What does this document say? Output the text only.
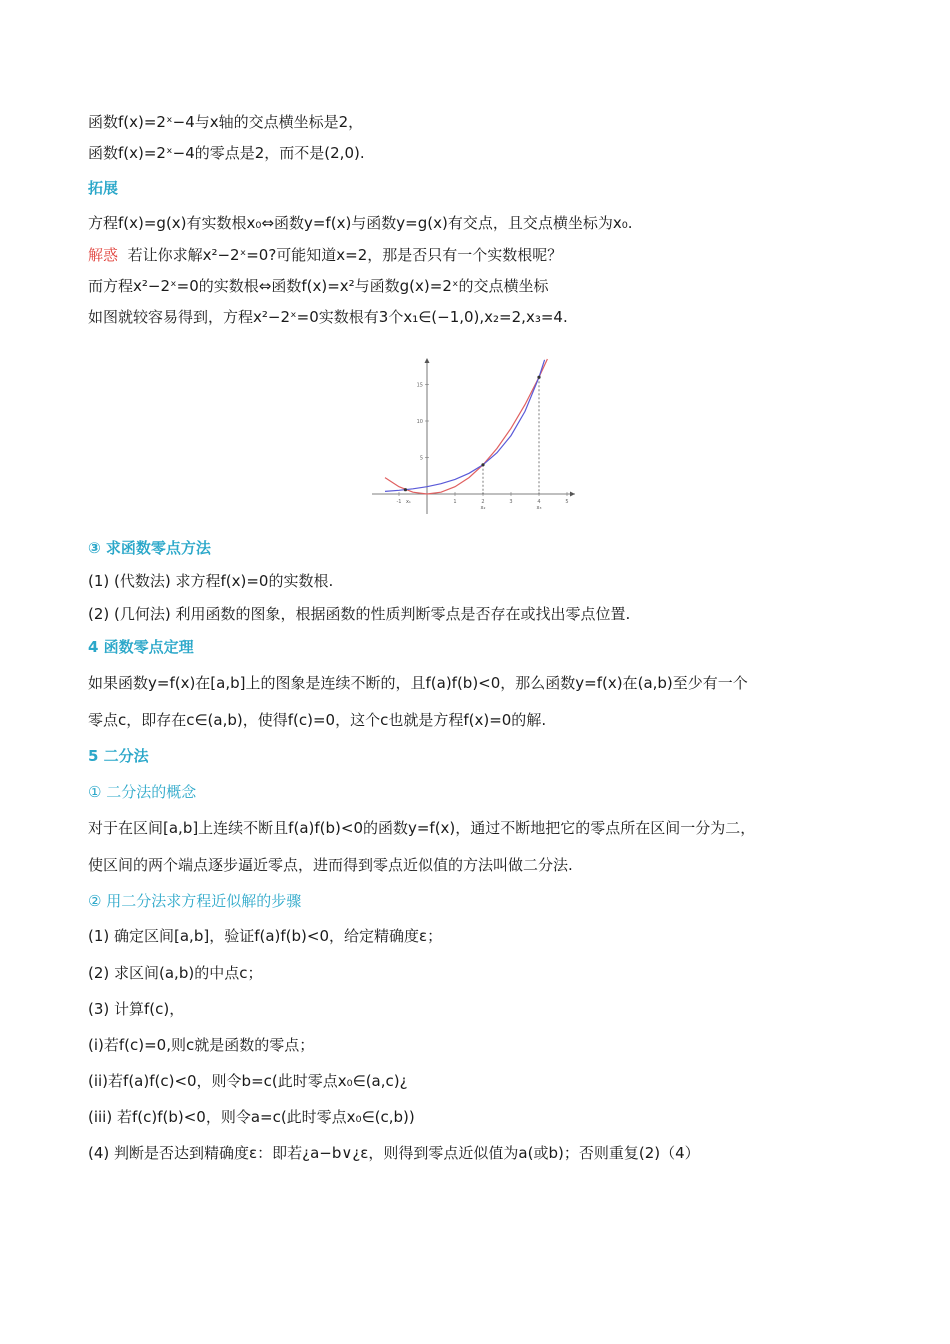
函数f(x)=2ˣ−4与x轴的交点横坐标是2，
函数f(x)=2ˣ−4的零点是2，而不是(2,0).
拓展
方程f(x)=g(x)有实数根x₀⇔函数y=f(x)与函数y=g(x)有交点，且交点横坐标为x₀.
解惑 若让你求解x²−2ˣ=0?可能知道x=2，那是否只有一个实数根呢？
而方程x²−2ˣ=0的实数根⇔函数f(x)=x²与函数g(x)=2ˣ的交点横坐标
如图就较容易得到，方程x²−2ˣ=0实数根有3个x₁∈(−1,0),x₂=2,x₃=4.
③ 求函数零点方法
(1) (代数法) 求方程f(x)=0的实数根.
(2) (几何法) 利用函数的图象，根据函数的性质判断零点是否存在或找出零点位置.
4 函数零点定理
如果函数y=f(x)在[a,b]上的图象是连续不断的，且f(a)f(b)<0，那么函数y=f(x)在(a,b)至少有一个
零点c，即存在c∈(a,b)，使得f(c)=0，这个c也就是方程f(x)=0的解.
5 二分法
① 二分法的概念
对于在区间[a,b]上连续不断且f(a)f(b)<0的函数y=f(x)，通过不断地把它的零点所在区间一分为二，
使区间的两个端点逐步逼近零点，进而得到零点近似值的方法叫做二分法.
② 用二分法求方程近似解的步骤
(1) 确定区间[a,b]，验证f(a)f(b)<0，给定精确度ε；
(2) 求区间(a,b)的中点c；
(3) 计算f(c)，
(i)若f(c)=0,则c就是函数的零点；
(ii)若f(a)f(c)<0，则令b=c(此时零点x₀∈(a,c)¿
(iii) 若f(c)f(b)<0，则令a=c(此时零点x₀∈(c,b))
(4) 判断是否达到精确度ε：即若¿a−b∨¿ε，则得到零点近似值为a(或b)；否则重复(2)（4）
15
10
5
-1	1	2	3	4	5
x₁
x₂	x₃
